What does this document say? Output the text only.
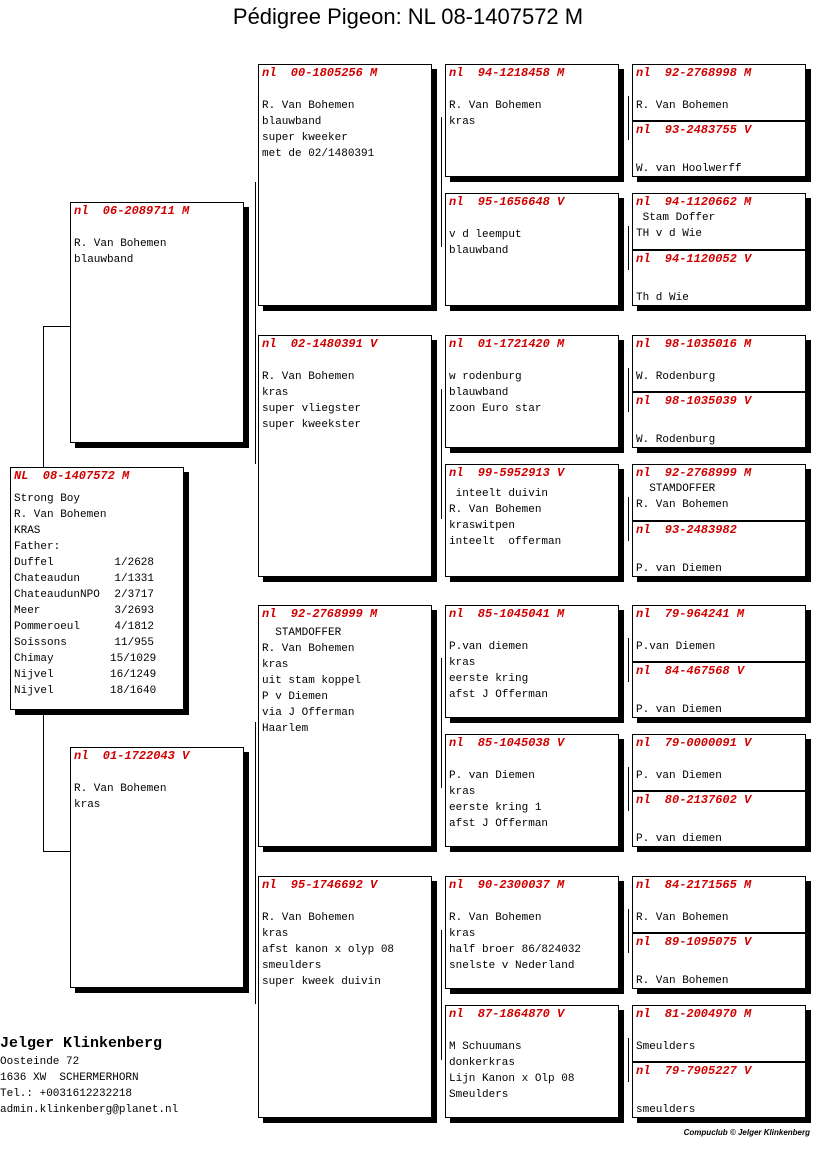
Pédigree Pigeon: NL 08-1407572 M
NL  08-1407572 M
Strong Boy
R. Van Bohemen
KRAS
Father:
Duffel	1/2628
Chateaudun	1/1331
ChateaudunNPO	2/3717
Meer	3/2693
Pommeroeul	4/1812
Soissons	11/955
Chimay	15/1029
Nijvel	16/1249
Nijvel	18/1640
nl  06-2089711 M
R. Van Bohemen
blauwband
nl  01-1722043 V
R. Van Bohemen
kras
nl  00-1805256 M
R. Van Bohemen
blauwband
super kweeker
met de 02/1480391
nl  02-1480391 V
R. Van Bohemen
kras
super vliegster
super kweekster
nl  92-2768999 M
STAMDOFFER
R. Van Bohemen
kras
uit stam koppel
P v Diemen
via J Offerman
Haarlem
nl  95-1746692 V
R. Van Bohemen
kras
afst kanon x olyp 08
smeulders
super kweek duivin
nl  94-1218458 M
R. Van Bohemen
kras
nl  95-1656648 V
v d leemput
blauwband
nl  01-1721420 M
w rodenburg
blauwband
zoon Euro star
nl  99-5952913 V
inteelt duivin
R. Van Bohemen
kraswitpen
inteelt  offerman
nl  85-1045041 M
P.van diemen
kras
eerste kring
afst J Offerman
nl  85-1045038 V
P. van Diemen
kras
eerste kring 1
afst J Offerman
nl  90-2300037 M
R. Van Bohemen
kras
half broer 86/824032
snelste v Nederland
nl  87-1864870 V
M Schuumans
donkerkras
Lijn Kanon x Olp 08
Smeulders
nl  92-2768998 M
R. Van Bohemen
nl  93-2483755 V
W. van Hoolwerff
nl  94-1120662 M
Stam Doffer
TH v d Wie
nl  94-1120052 V
Th d Wie
nl  98-1035016 M
W. Rodenburg
nl  98-1035039 V
W. Rodenburg
nl  92-2768999 M
STAMDOFFER
R. Van Bohemen
nl  93-2483982
P. van Diemen
nl  79-964241 M
P.van Diemen
nl  84-467568 V
P. van Diemen
nl  79-0000091 V
P. van Diemen
nl  80-2137602 V
P. van diemen
nl  84-2171565 M
R. Van Bohemen
nl  89-1095075 V
R. Van Bohemen
nl  81-2004970 M
Smeulders
nl  79-7905227 V
smeulders
Jelger Klinkenberg
Oosteinde 72
1636 XW  SCHERMERHORN
Tel.: +0031612232218
admin.klinkenberg@planet.nl
Compuclub © Jelger Klinkenberg
